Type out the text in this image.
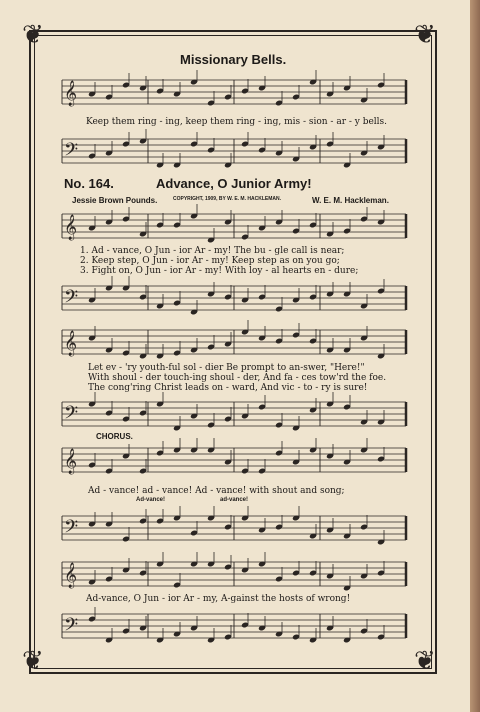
❦	❦
❦	❦
Missionary Bells.
𝄞
Keep them ring - ing, keep them ring - ing, mis - sion - ar - y bells.
𝄢
No. 164.	Advance, O Junior Army!
Jessie Brown Pounds.	COPYRIGHT, 1909, BY W. E. M. HACKLEMAN.	W. E. M. Hackleman.
𝄞
1. Ad - vance, O Jun - ior Ar - my! The bu - gle call is near;
2. Keep step, O Jun - ior Ar - my! Keep step as on you go;
3. Fight on, O Jun - ior Ar - my! With loy - al hearts en - dure;
𝄢
𝄞
Let ev - 'ry youth-ful sol - dier Be prompt to an-swer, "Here!"
With shoul - der touch-ing shoul - der, And fa - ces tow'rd the foe.
The cong'ring Christ leads on - ward, And vic - to - ry is sure!
𝄢
CHORUS.
𝄞
Ad - vance! ad - vance! Ad - vance! with shout and song;
Ad-vance!	ad-vance!
𝄢
𝄞
Ad-vance, O Jun - ior Ar - my, A-gainst the hosts of wrong!
𝄢
